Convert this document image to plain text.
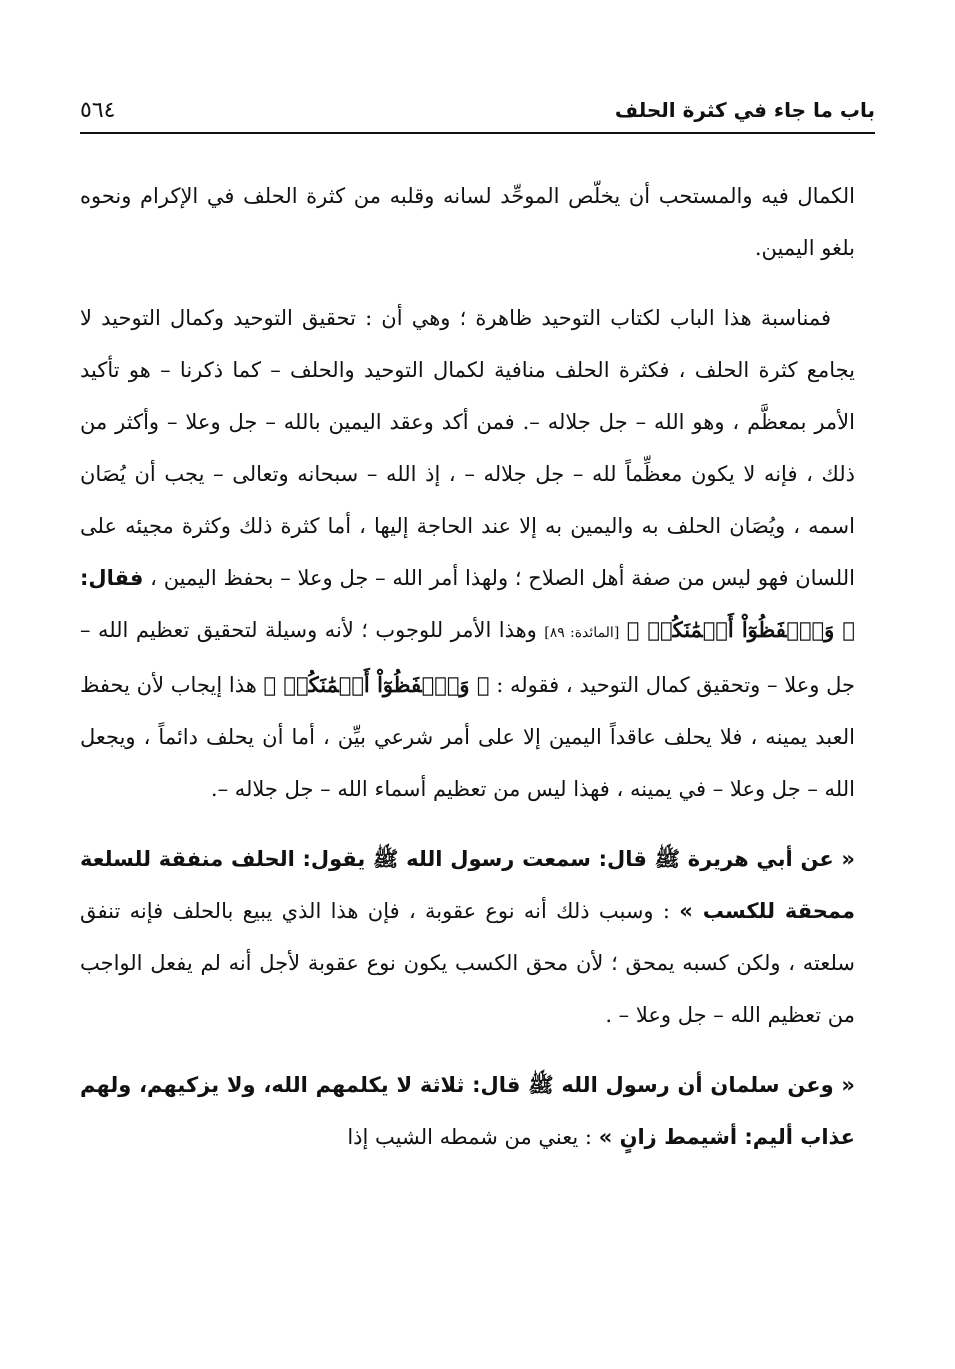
باب ما جاء في كثرة الحلف
٥٦٤

الكمال فيه والمستحب أن يخلّص الموحِّد لسانه وقلبه من كثرة الحلف في الإكرام ونحوه بلغو اليمين.

فمناسبة هذا الباب لكتاب التوحيد ظاهرة ؛ وهي أن : تحقيق التوحيد وكمال التوحيد لا يجامع كثرة الحلف ، فكثرة الحلف منافية لكمال التوحيد والحلف – كما ذكرنا – هو تأكيد الأمر بمعظَّم ، وهو الله – جل جلاله –. فمن أكد وعقد اليمين بالله – جل وعلا – وأكثر من ذلك ، فإنه لا يكون معظِّماً لله – جل جلاله – ، إذ الله – سبحانه وتعالى – يجب أن يُصَان اسمه ، ويُصَان الحلف به واليمين به إلا عند الحاجة إليها ، أما كثرة ذلك وكثرة مجيئه على اللسان فهو ليس من صفة أهل الصلاح ؛ ولهذا أمر الله – جل وعلا – بحفظ اليمين ، فقال: ﴿ وَٱحۡفَظُوٓاْ أَيۡمَٰنَكُمۡ ﴾ [المائدة: ٨٩] وهذا الأمر للوجوب ؛ لأنه وسيلة لتحقيق تعظيم الله – جل وعلا – وتحقيق كمال التوحيد ، فقوله : ﴿ وَٱحۡفَظُوٓاْ أَيۡمَٰنَكُمۡ ﴾ هذا إيجاب لأن يحفظ العبد يمينه ، فلا يحلف عاقداً اليمين إلا على أمر شرعي بيِّن ، أما أن يحلف دائماً ، ويجعل الله – جل وعلا – في يمينه ، فهذا ليس من تعظيم أسماء الله – جل جلاله –.

« عن أبي هريرة ﷺ قال: سمعت رسول الله ﷺ يقول: الحلف منفقة للسلعة ممحقة للكسب » : وسبب ذلك أنه نوع عقوبة ، فإن هذا الذي يبيع بالحلف فإنه تنفق سلعته ، ولكن كسبه يمحق ؛ لأن محق الكسب يكون نوع عقوبة لأجل أنه لم يفعل الواجب من تعظيم الله – جل وعلا – .

« وعن سلمان أن رسول الله ﷺ قال: ثلاثة لا يكلمهم الله، ولا يزكيهم، ولهم عذاب أليم: أشيمط زانٍ » : يعني من شمطه الشيب إذا
